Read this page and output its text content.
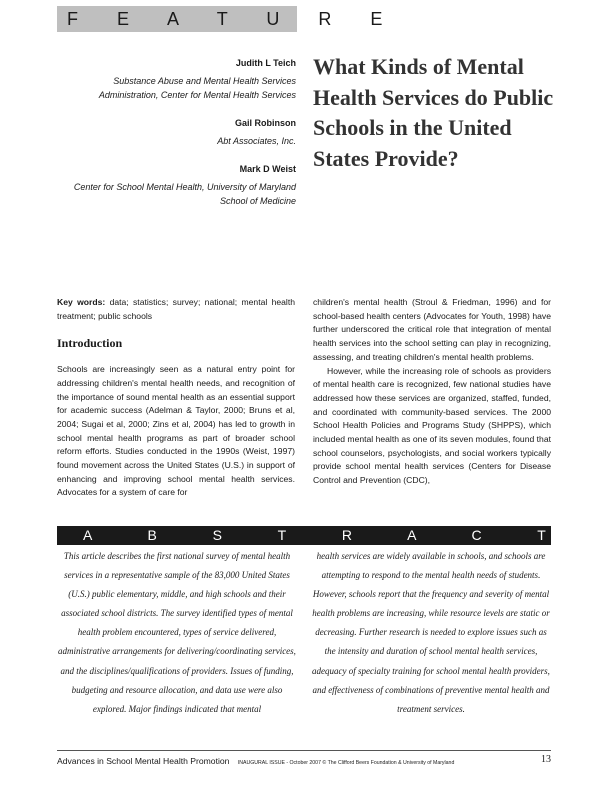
F E A T U R E
Judith L Teich
Substance Abuse and Mental Health Services Administration, Center for Mental Health Services
Gail Robinson
Abt Associates, Inc.
Mark D Weist
Center for School Mental Health, University of Maryland School of Medicine
What Kinds of Mental Health Services do Public Schools in the United States Provide?

Key words: data; statistics; survey; national; mental health treatment; public schools

Introduction

Schools are increasingly seen as a natural entry point for addressing children's mental health needs, and recognition of the importance of sound mental health as an essential support for academic success (Adelman & Taylor, 2000; Bruns et al, 2004; Sugai et al, 2000; Zins et al, 2004) has led to growth in school mental health programs as part of broader school reform efforts. Studies conducted in the 1990s (Weist, 1997) found movement across the United States (U.S.) in support of enhancing and improving school mental health services. Advocates for a system of care for

children's mental health (Stroul & Friedman, 1996) and for school-based health centers (Advocates for Youth, 1998) have further underscored the critical role that integration of mental health services into the school setting can play in recognizing, assessing, and treating children's mental health problems.

However, while the increasing role of schools as providers of mental health care is recognized, few national studies have addressed how these services are organized, staffed, funded, and coordinated with community-based services. The 2000 School Health Policies and Programs Study (SHPPS), which included mental health as one of its seven modules, found that school counselors, psychologists, and social workers typically provide school mental health services (Centers for Disease Control and Prevention (CDC),

A B S T R A C T
This article describes the first national survey of mental health services in a representative sample of the 83,000 United States (U.S.) public elementary, middle, and high schools and their associated school districts. The survey identified types of mental health problem encountered, types of service delivered, administrative arrangements for delivering/coordinating services, and the disciplines/qualifications of providers. Issues of funding, budgeting and resource allocation, and data use were also explored. Major findings indicated that mental
health services are widely available in schools, and schools are attempting to respond to the mental health needs of students. However, schools report that the frequency and severity of mental health problems are increasing, while resource levels are static or decreasing. Further research is needed to explore issues such as the intensity and duration of school mental health services, adequacy of specialty training for school mental health providers, and effectiveness of combinations of preventive mental health and treatment services.
Advances in School Mental Health Promotion INAUGURAL ISSUE - October 2007 © The Clifford Beers Foundation & University of Maryland	13
